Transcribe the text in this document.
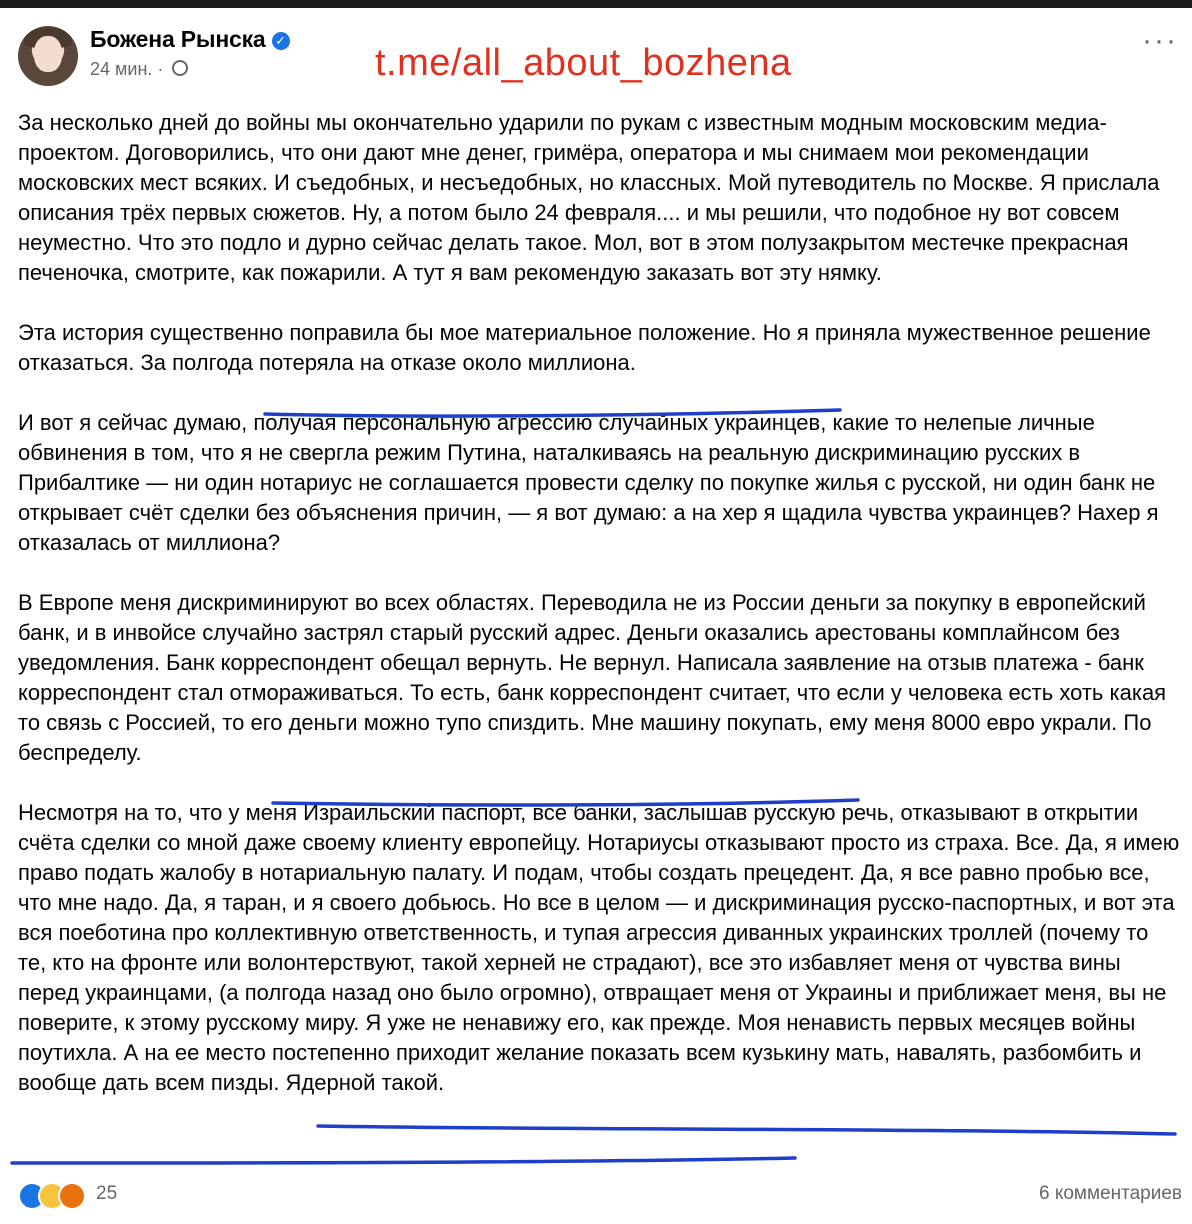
Божена Рынска ✓
24 мин. ·
···
t.me/all_about_bozhena

За несколько дней до войны мы окончательно ударили по рукам с известным модным московским медиа-проектом. Договорились, что они дают мне денег, гримёра, оператора и мы снимаем мои рекомендации московских мест всяких. И съедобных, и несъедобных, но классных. Мой путеводитель по Москве. Я прислала описания трёх первых сюжетов. Ну, а потом было 24 февраля.... и мы решили, что подобное ну вот совсем неуместно. Что это подло и дурно сейчас делать такое. Мол, вот в этом полузакрытом местечке прекрасная печеночка, смотрите, как пожарили. А тут я вам рекомендую заказать вот эту нямку.

Эта история существенно поправила бы мое материальное положение. Но я приняла мужественное решение отказаться. За полгода потеряла на отказе около миллиона.

И вот я сейчас думаю, получая персональную агрессию случайных украинцев, какие то нелепые личные обвинения в том, что я не свергла режим Путина, наталкиваясь на реальную дискриминацию русских в Прибалтике — ни один нотариус не соглашается провести сделку по покупке жилья с русской, ни один банк не открывает счёт сделки без объяснения причин, — я вот думаю: а на хер я щадила чувства украинцев? Нахер я отказалась от миллиона?

В Европе меня дискриминируют во всех областях. Переводила не из России деньги за покупку в европейский банк, и в инвойсе случайно застрял старый русский адрес. Деньги оказались арестованы комплайнсом без уведомления. Банк корреспондент обещал вернуть. Не вернул. Написала заявление на отзыв платежа - банк корреспондент стал отмораживаться. То есть, банк корреспондент считает, что если у человека есть хоть какая то связь с Россией, то его деньги можно тупо спиздить. Мне машину покупать, ему меня 8000 евро украли. По беспределу.

Несмотря на то, что у меня Израильский паспорт, все банки, заслышав русскую речь, отказывают в открытии счёта сделки со мной даже своему клиенту европейцу. Нотариусы отказывают просто из страха. Все. Да, я имею право подать жалобу в нотариальную палату. И подам, чтобы создать прецедент. Да, я все равно пробью все, что мне надо. Да, я таран, и я своего добьюсь. Но все в целом — и дискриминация русско-паспортных, и вот эта вся поеботина про коллективную ответственность, и тупая агрессия диванных украинских троллей (почему то те, кто на фронте или волонтерствуют, такой херней не страдают), все это избавляет меня от чувства вины перед украинцами, (а полгода назад оно было огромно), отвращает меня от Украины и приближает меня, вы не поверите, к этому русскому миру. Я уже не ненавижу его, как прежде. Моя ненависть первых месяцев войны поутихла. А на ее место постепенно приходит желание показать всем кузькину мать, навалять, разбомбить и вообще дать всем пизды. Ядерной такой.

25	6 комментариев
